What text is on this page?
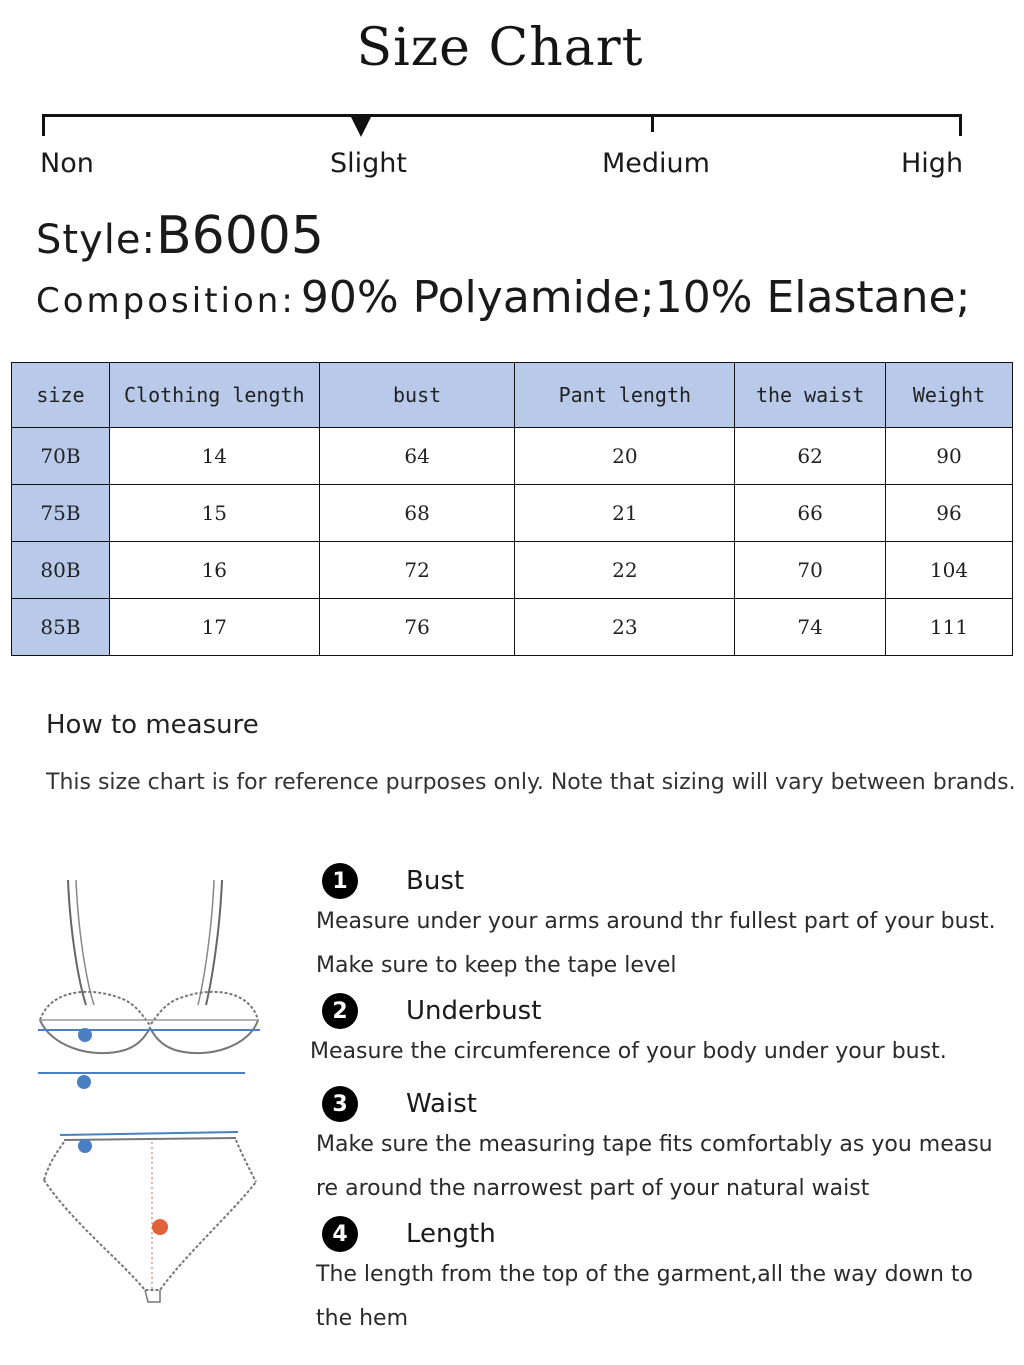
Size Chart
Non	Slight	Medium	High
Style:B6005
Composition: 90% Polyamide;10% Elastane;
size	Clothing length	bust	Pant length	the waist	Weight
70B	14	64	20	62	90
75B	15	68	21	66	96
80B	16	72	22	70	104
85B	17	76	23	74	111
How to measure
This size chart is for reference purposes only. Note that sizing will vary between brands.
1	Bust
Measure under your arms around thr fullest part of your bust.
Make sure to keep the tape level
2	Underbust
Measure the circumference of your body under your bust.
3	Waist
Make sure the measuring tape fits comfortably as you measu
re around the narrowest part of your natural waist
4	Length
The length from the top of the garment,all the way down to
the hem
